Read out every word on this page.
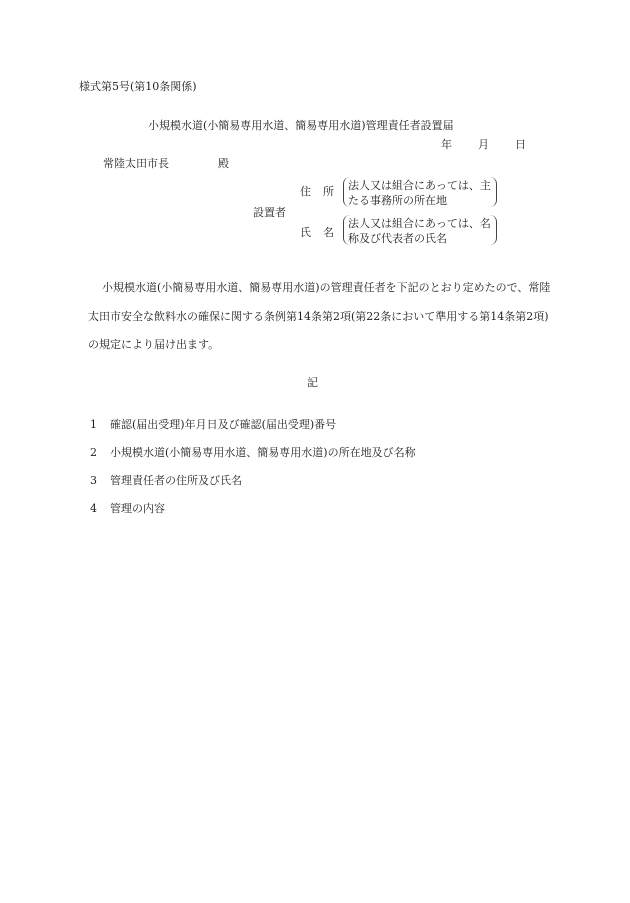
様式第5号(第10条関係)
小規模水道(小簡易専用水道、簡易専用水道)管理責任者設置届
年 月 日
常陸太田市長	殿
設置者
住　所 法人又は組合にあっては、主たる事務所の所在地
氏　名
法人又は組合にあっては、名称及び代表者の氏名

小規模水道(小簡易専用水道、簡易専用水道)の管理責任者を下記のとおり定めたので、常陸太田市安全な飲料水の確保に関する条例第14条第2項(第22条において準用する第14条第2項)の規定により届け出ます。

記
1 確認(届出受理)年月日及び確認(届出受理)番号
2 小規模水道(小簡易専用水道、簡易専用水道)の所在地及び名称
3 管理責任者の住所及び氏名
4 管理の内容
